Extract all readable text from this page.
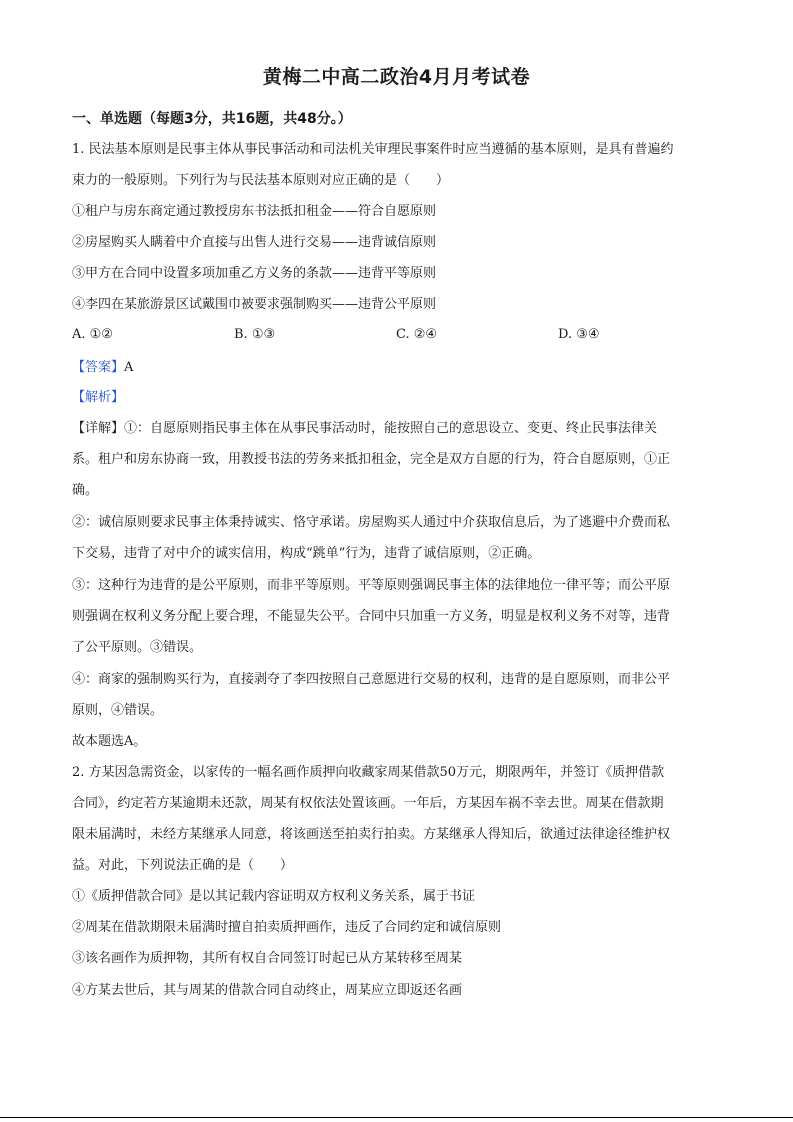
黄梅二中高二政治4月月考试卷
一、单选题（每题3分，共16题，共48分。）
1. 民法基本原则是民事主体从事民事活动和司法机关审理民事案件时应当遵循的基本原则，是具有普遍约
束力的一般原则。下列行为与民法基本原则对应正确的是（　　）
①租户与房东商定通过教授房东书法抵扣租金——符合自愿原则
②房屋购买人瞒着中介直接与出售人进行交易——违背诚信原则
③甲方在合同中设置多项加重乙方义务的条款——违背平等原则
④李四在某旅游景区试戴围巾被要求强制购买——违背公平原则
A. ①②	B. ①③	C. ②④	D. ③④
【答案】A
【解析】
【详解】①：自愿原则指民事主体在从事民事活动时，能按照自己的意思设立、变更、终止民事法律关
系。租户和房东协商一致，用教授书法的劳务来抵扣租金，完全是双方自愿的行为，符合自愿原则，①正
确。
②：诚信原则要求民事主体秉持诚实、恪守承诺。房屋购买人通过中介获取信息后，为了逃避中介费而私
下交易，违背了对中介的诚实信用，构成“跳单”行为，违背了诚信原则，②正确。
③：这种行为违背的是公平原则，而非平等原则。平等原则强调民事主体的法律地位一律平等；而公平原
则强调在权利义务分配上要合理，不能显失公平。合同中只加重一方义务，明显是权利义务不对等，违背
了公平原则。③错误。
④：商家的强制购买行为，直接剥夺了李四按照自己意愿进行交易的权利，违背的是自愿原则，而非公平
原则，④错误。
故本题选A。
2. 方某因急需资金，以家传的一幅名画作质押向收藏家周某借款50万元，期限两年，并签订《质押借款
合同》，约定若方某逾期未还款，周某有权依法处置该画。一年后，方某因车祸不幸去世。周某在借款期
限未届满时，未经方某继承人同意，将该画送至拍卖行拍卖。方某继承人得知后，欲通过法律途径维护权
益。对此，下列说法正确的是（　　）
①《质押借款合同》是以其记载内容证明双方权利义务关系，属于书证
②周某在借款期限未届满时擅自拍卖质押画作，违反了合同约定和诚信原则
③该名画作为质押物，其所有权自合同签订时起已从方某转移至周某
④方某去世后，其与周某的借款合同自动终止，周某应立即返还名画
